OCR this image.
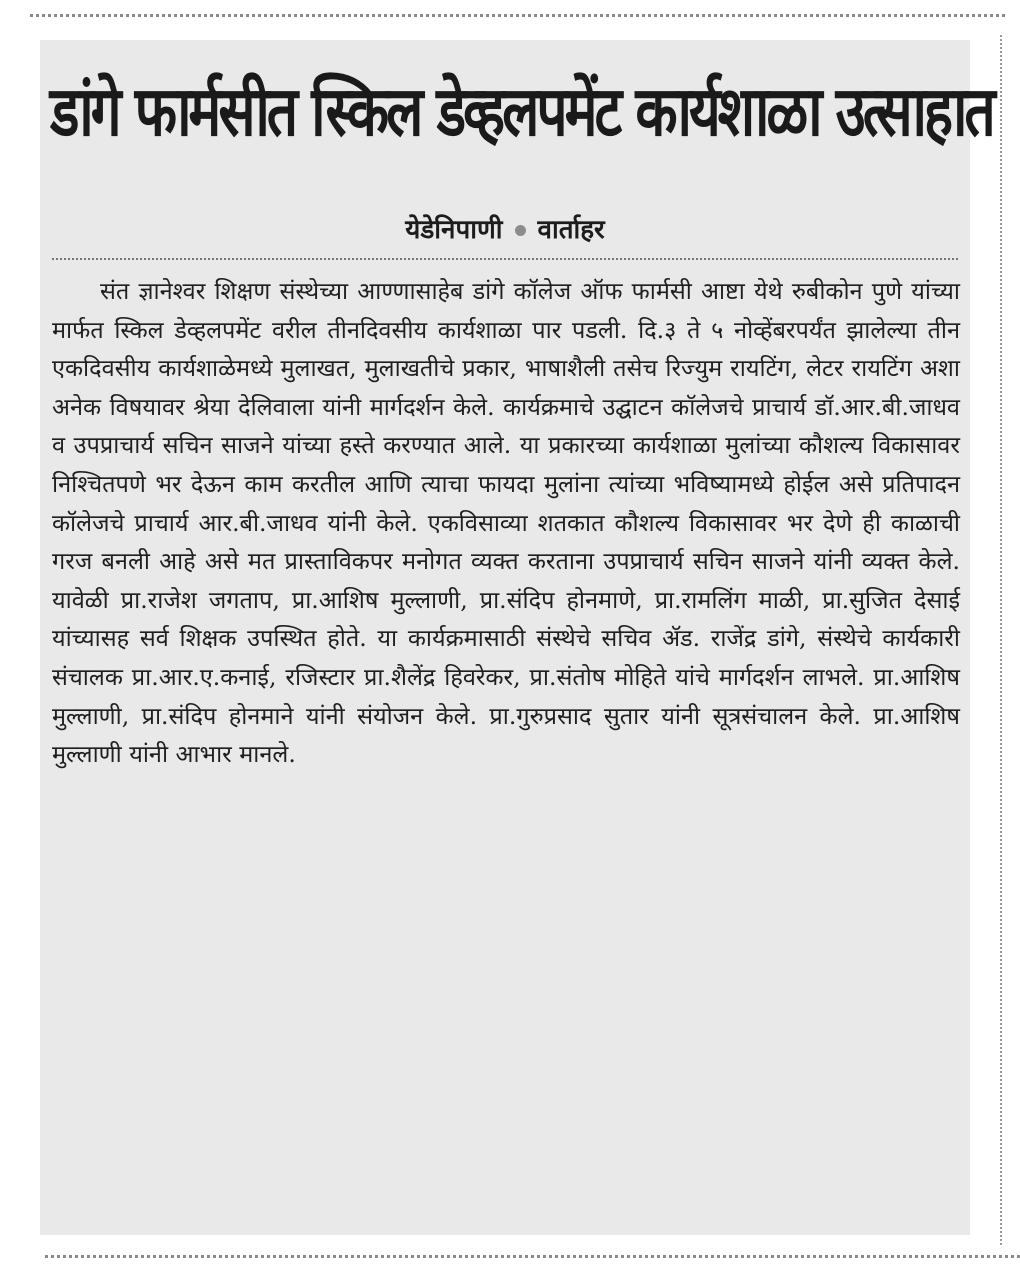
डांगे फार्मसीत स्किल डेव्हलपमेंट कार्यशाळा उत्साहात
येडेनिपाणी वार्ताहर

संत ज्ञानेश्वर शिक्षण संस्थेच्या आण्णासाहेब डांगे कॉलेज ऑफ फार्मसी आष्टा येथे रुबीकोन पुणे यांच्या मार्फत स्किल डेव्हलपमेंट वरील तीनदिवसीय कार्यशाळा पार पडली. दि.३ ते ५ नोव्हेंबरपर्यंत झालेल्या तीन एकदिवसीय कार्यशाळेमध्ये मुलाखत, मुलाखतीचे प्रकार, भाषाशैली तसेच रिज्युम रायटिंग, लेटर रायटिंग अशा अनेक विषयावर श्रेया देलिवाला यांनी मार्गदर्शन केले. कार्यक्रमाचे उद्घाटन कॉलेजचे प्राचार्य डॉ.आर.बी.जाधव व उपप्राचार्य सचिन साजने यांच्या हस्ते करण्यात आले. या प्रकारच्या कार्यशाळा मुलांच्या कौशल्य विकासावर निश्चितपणे भर देऊन काम करतील आणि त्याचा फायदा मुलांना त्यांच्या भविष्यामध्ये होईल असे प्रतिपादन कॉलेजचे प्राचार्य आर.बी.जाधव यांनी केले. एकविसाव्या शतकात कौशल्य विकासावर भर देणे ही काळाची गरज बनली आहे असे मत प्रास्ताविकपर मनोगत व्यक्त करताना उपप्राचार्य सचिन साजने यांनी व्यक्त केले. यावेळी प्रा.राजेश जगताप, प्रा.आशिष मुल्लाणी, प्रा.संदिप होनमाणे, प्रा.रामलिंग माळी, प्रा.सुजित देसाई यांच्यासह सर्व शिक्षक उपस्थित होते. या कार्यक्रमासाठी संस्थेचे सचिव ॲड. राजेंद्र डांगे, संस्थेचे कार्यकारी संचालक प्रा.आर.ए.कनाई, रजिस्टार प्रा.शैलेंद्र हिवरेकर, प्रा.संतोष मोहिते यांचे मार्गदर्शन लाभले. प्रा.आशिष मुल्लाणी, प्रा.संदिप होनमाने यांनी संयोजन केले. प्रा.गुरुप्रसाद सुतार यांनी सूत्रसंचालन केले. प्रा.आशिष मुल्लाणी यांनी आभार मानले.
